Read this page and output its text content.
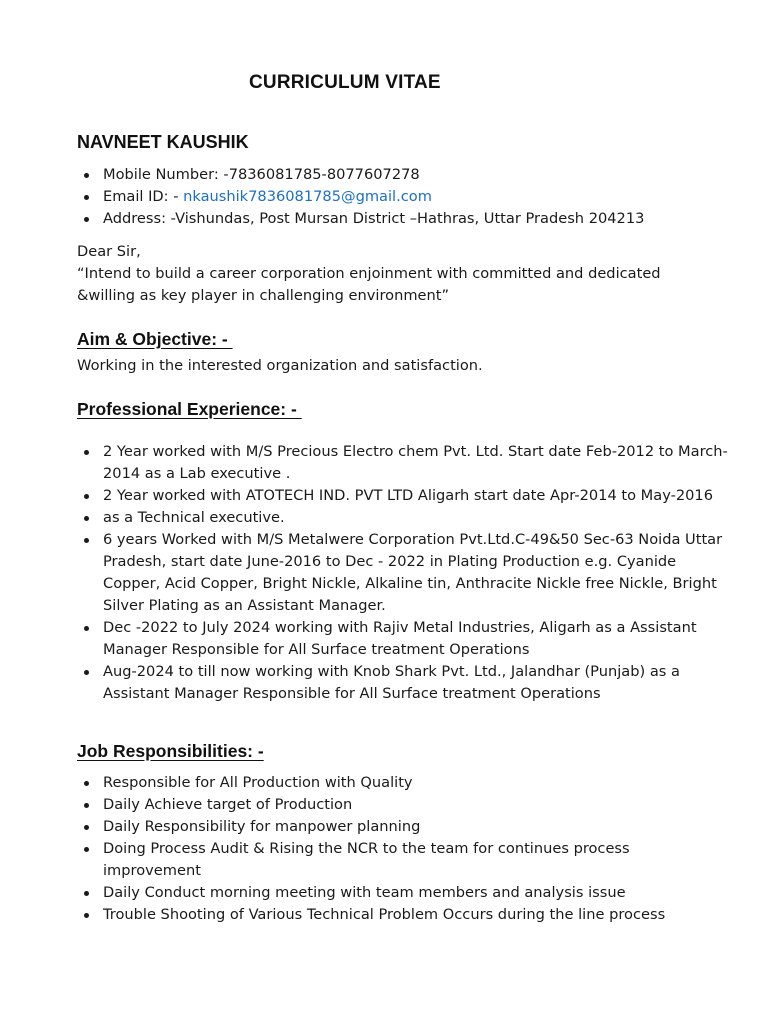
CURRICULUM VITAE
NAVNEET KAUSHIK
Mobile Number: -7836081785-8077607278
Email ID: - nkaushik7836081785@gmail.com
Address: -Vishundas, Post Mursan District –Hathras, Uttar Pradesh 204213

Dear Sir,

“Intend to build a career corporation enjoinment with committed and dedicated

&willing as key player in challenging environment”

Aim & Objective: -

Working in the interested organization and satisfaction.

Professional Experience: -
2 Year worked with M/S Precious Electro chem Pvt. Ltd. Start date Feb-2012 to March-2014 as a Lab executive .
2 Year worked with ATOTECH IND. PVT LTD Aligarh start date Apr-2014 to May-2016
as a Technical executive.
6 years Worked with M/S Metalwere Corporation Pvt.Ltd.C-49&50 Sec-63 Noida Uttar Pradesh, start date June-2016 to Dec - 2022 in Plating Production e.g. Cyanide Copper, Acid Copper, Bright Nickle, Alkaline tin, Anthracite Nickle free Nickle, Bright Silver Plating as an Assistant Manager.
Dec -2022 to July 2024 working with Rajiv Metal Industries, Aligarh as a Assistant Manager Responsible for All Surface treatment Operations
Aug-2024 to till now working with Knob Shark Pvt. Ltd., Jalandhar (Punjab) as a Assistant Manager Responsible for All Surface treatment Operations
Job Responsibilities: -
Responsible for All Production with Quality
Daily Achieve target of Production
Daily Responsibility for manpower planning
Doing Process Audit & Rising the NCR to the team for continues process improvement
Daily Conduct morning meeting with team members and analysis issue
Trouble Shooting of Various Technical Problem Occurs during the line process
